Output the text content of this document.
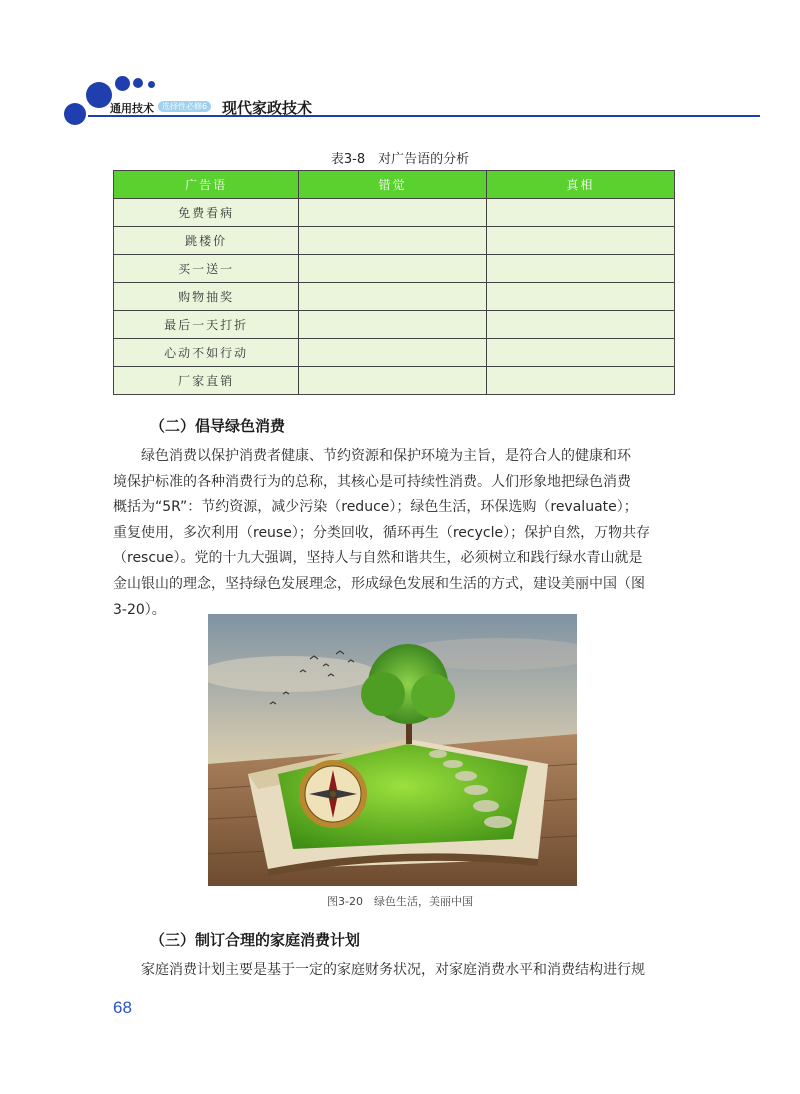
通用技术	选择性必修6 现代家政技术
表3-8　对广告语的分析
广告语	错觉	真相
免费看病		
跳楼价		
买一送一		
购物抽奖		
最后一天打折		
心动不如行动		
厂家直销		
（二）倡导绿色消费

绿色消费以保护消费者健康、节约资源和保护环境为主旨，是符合人的健康和环

境保护标准的各种消费行为的总称，其核心是可持续性消费。人们形象地把绿色消费

概括为“5R”：节约资源，减少污染（reduce）；绿色生活，环保选购（revaluate）；

重复使用，多次利用（reuse）；分类回收，循环再生（recycle）；保护自然，万物共存

（rescue）。党的十九大强调，坚持人与自然和谐共生，必须树立和践行绿水青山就是

金山银山的理念，坚持绿色发展理念，形成绿色发展和生活的方式，建设美丽中国（图

3-20）。

图3-20　绿色生活，美丽中国
（三）制订合理的家庭消费计划

家庭消费计划主要是基于一定的家庭财务状况，对家庭消费水平和消费结构进行规

68
